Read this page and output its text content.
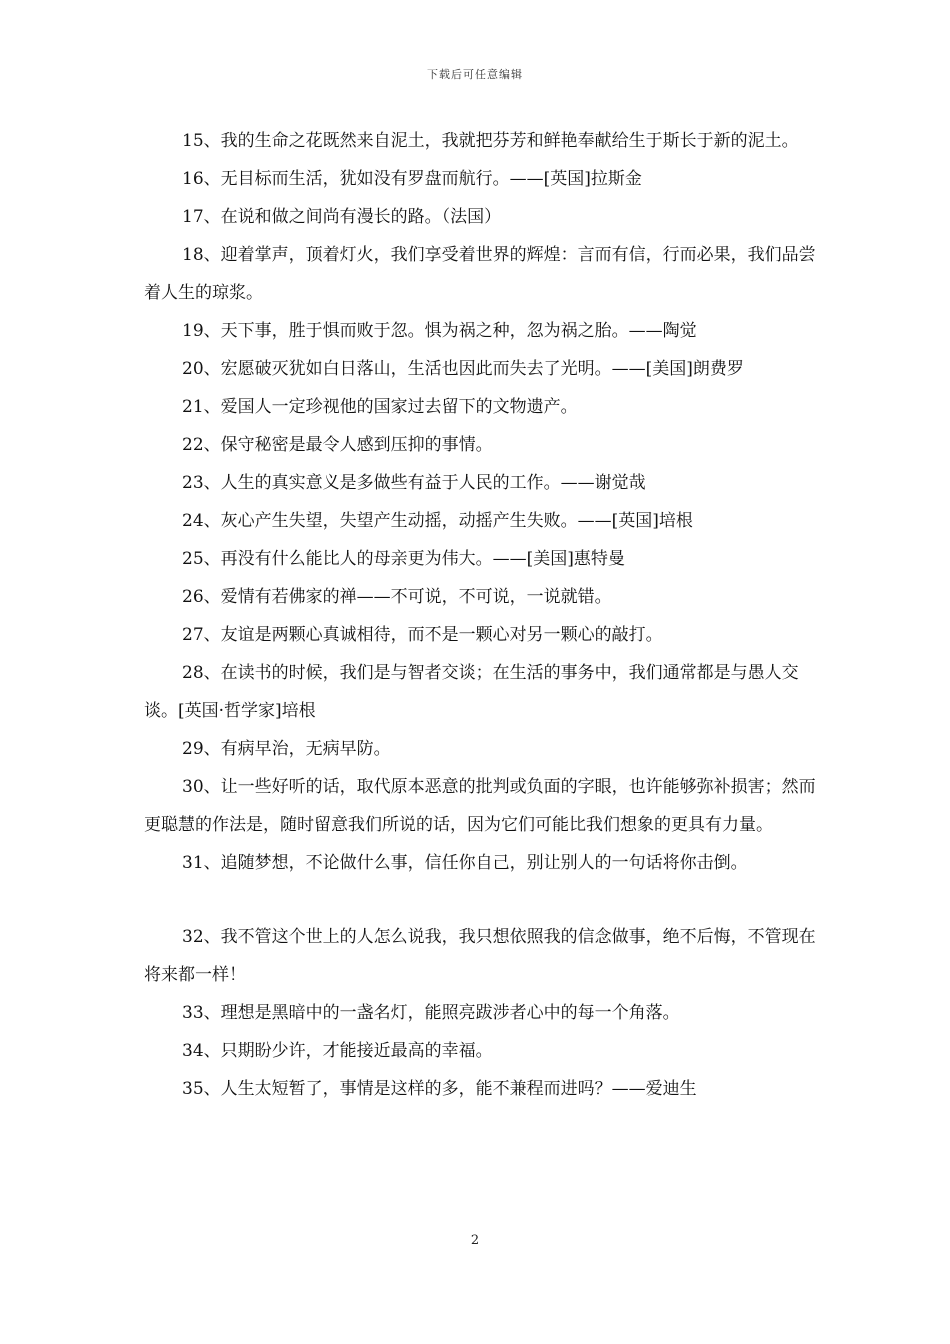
下载后可任意编辑

15、我的生命之花既然来自泥土，我就把芬芳和鲜艳奉献给生于斯长于新的泥土。

16、无目标而生活，犹如没有罗盘而航行。——[英国]拉斯金

17、在说和做之间尚有漫长的路。（法国）

18、迎着掌声，顶着灯火，我们享受着世界的辉煌：言而有信，行而必果，我们品尝着人生的琼浆。

19、天下事，胜于惧而败于忽。惧为祸之种，忽为祸之胎。——陶觉

20、宏愿破灭犹如白日落山，生活也因此而失去了光明。——[美国]朗费罗

21、爱国人一定珍视他的国家过去留下的文物遗产。

22、保守秘密是最令人感到压抑的事情。

23、人生的真实意义是多做些有益于人民的工作。——谢觉哉

24、灰心产生失望，失望产生动摇，动摇产生失败。——[英国]培根

25、再没有什么能比人的母亲更为伟大。——[美国]惠特曼

26、爱情有若佛家的禅——不可说，不可说，一说就错。

27、友谊是两颗心真诚相待，而不是一颗心对另一颗心的敲打。

28、在读书的时候，我们是与智者交谈；在生活的事务中，我们通常都是与愚人交谈。[英国·哲学家]培根

29、有病早治，无病早防。

30、让一些好听的话，取代原本恶意的批判或负面的字眼，也许能够弥补损害；然而更聪慧的作法是，随时留意我们所说的话，因为它们可能比我们想象的更具有力量。

31、追随梦想，不论做什么事，信任你自己，别让别人的一句话将你击倒。

32、我不管这个世上的人怎么说我，我只想依照我的信念做事，绝不后悔，不管现在将来都一样！

33、理想是黑暗中的一盏名灯，能照亮跋涉者心中的每一个角落。

34、只期盼少许，才能接近最高的幸福。

35、人生太短暂了，事情是这样的多，能不兼程而进吗？——爱迪生

2
